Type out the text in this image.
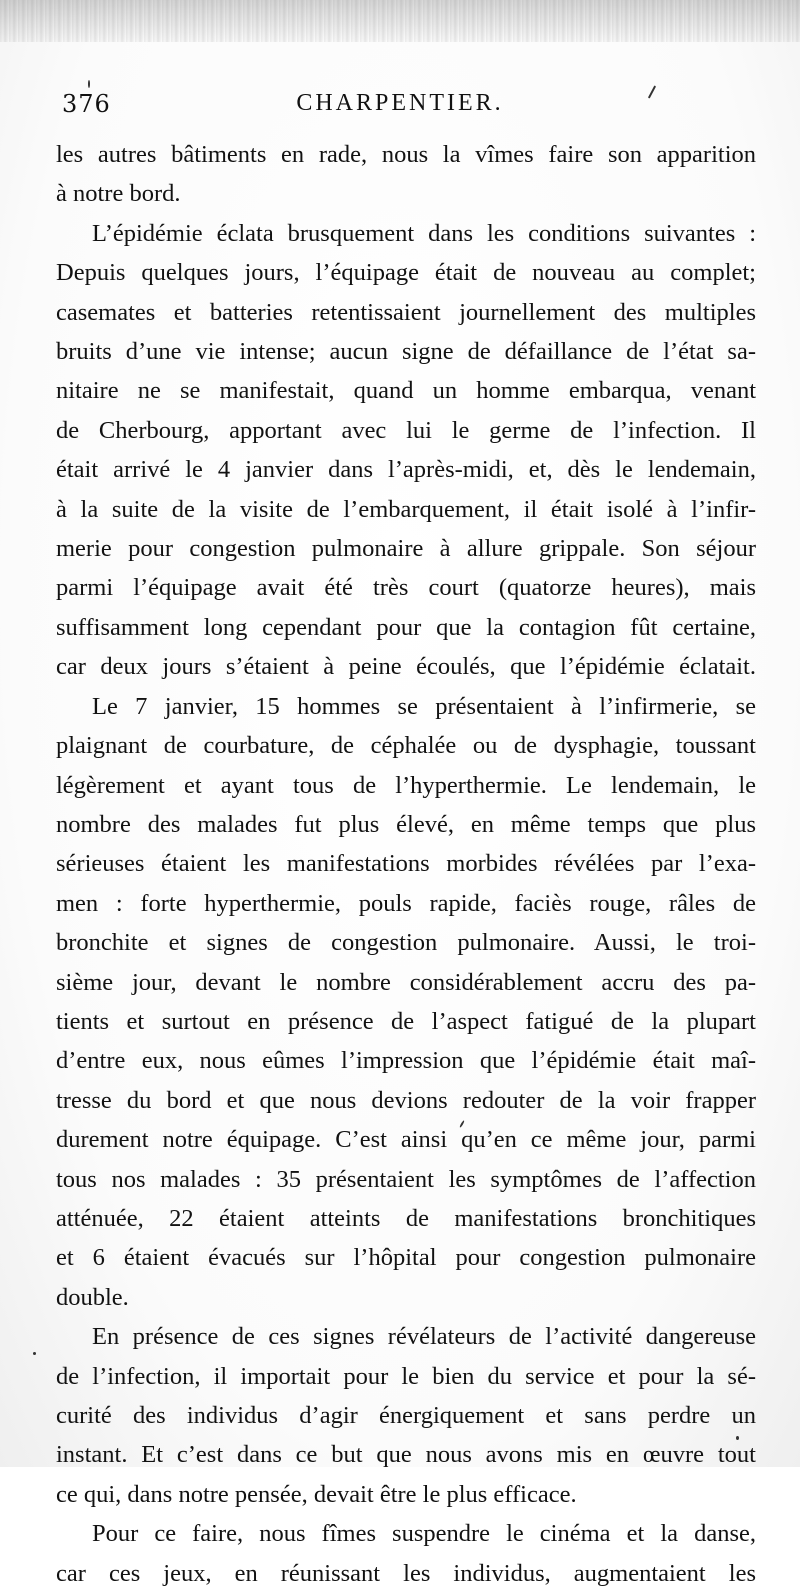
376	CHARPENTIER.
les autres bâtiments en rade, nous la vîmes faire son apparition
à notre bord.
L’épidémie éclata brusquement dans les conditions suivantes :
Depuis quelques jours, l’équipage était de nouveau au complet;
casemates et batteries retentissaient journellement des multiples
bruits d’une vie intense; aucun signe de défaillance de l’état sa-
nitaire ne se manifestait, quand un homme embarqua, venant
de Cherbourg, apportant avec lui le germe de l’infection. Il
était arrivé le 4 janvier dans l’après-midi, et, dès le lendemain,
à la suite de la visite de l’embarquement, il était isolé à l’infir-
merie pour congestion pulmonaire à allure grippale. Son séjour
parmi l’équipage avait été très court (quatorze heures), mais
suffisamment long cependant pour que la contagion fût certaine,
car deux jours s’étaient à peine écoulés, que l’épidémie éclatait.
Le 7 janvier, 15 hommes se présentaient à l’infirmerie, se
plaignant de courbature, de céphalée ou de dysphagie, toussant
légèrement et ayant tous de l’hyperthermie. Le lendemain, le
nombre des malades fut plus élevé, en même temps que plus
sérieuses étaient les manifestations morbides révélées par l’exa-
men : forte hyperthermie, pouls rapide, faciès rouge, râles de
bronchite et signes de congestion pulmonaire. Aussi, le troi-
sième jour, devant le nombre considérablement accru des pa-
tients et surtout en présence de l’aspect fatigué de la plupart
d’entre eux, nous eûmes l’impression que l’épidémie était maî-
tresse du bord et que nous devions redouter de la voir frapper
durement notre équipage. C’est ainsi qu’en ce même jour, parmi
tous nos malades : 35 présentaient les symptômes de l’affection
atténuée, 22 étaient atteints de manifestations bronchitiques
et 6 étaient évacués sur l’hôpital pour congestion pulmonaire
double.
En présence de ces signes révélateurs de l’activité dangereuse
de l’infection, il importait pour le bien du service et pour la sé-
curité des individus d’agir énergiquement et sans perdre un
instant. Et c’est dans ce but que nous avons mis en œuvre tout
ce qui, dans notre pensée, devait être le plus efficace.
Pour ce faire, nous fîmes suspendre le cinéma et la danse,
car ces jeux, en réunissant les individus, augmentaient les
